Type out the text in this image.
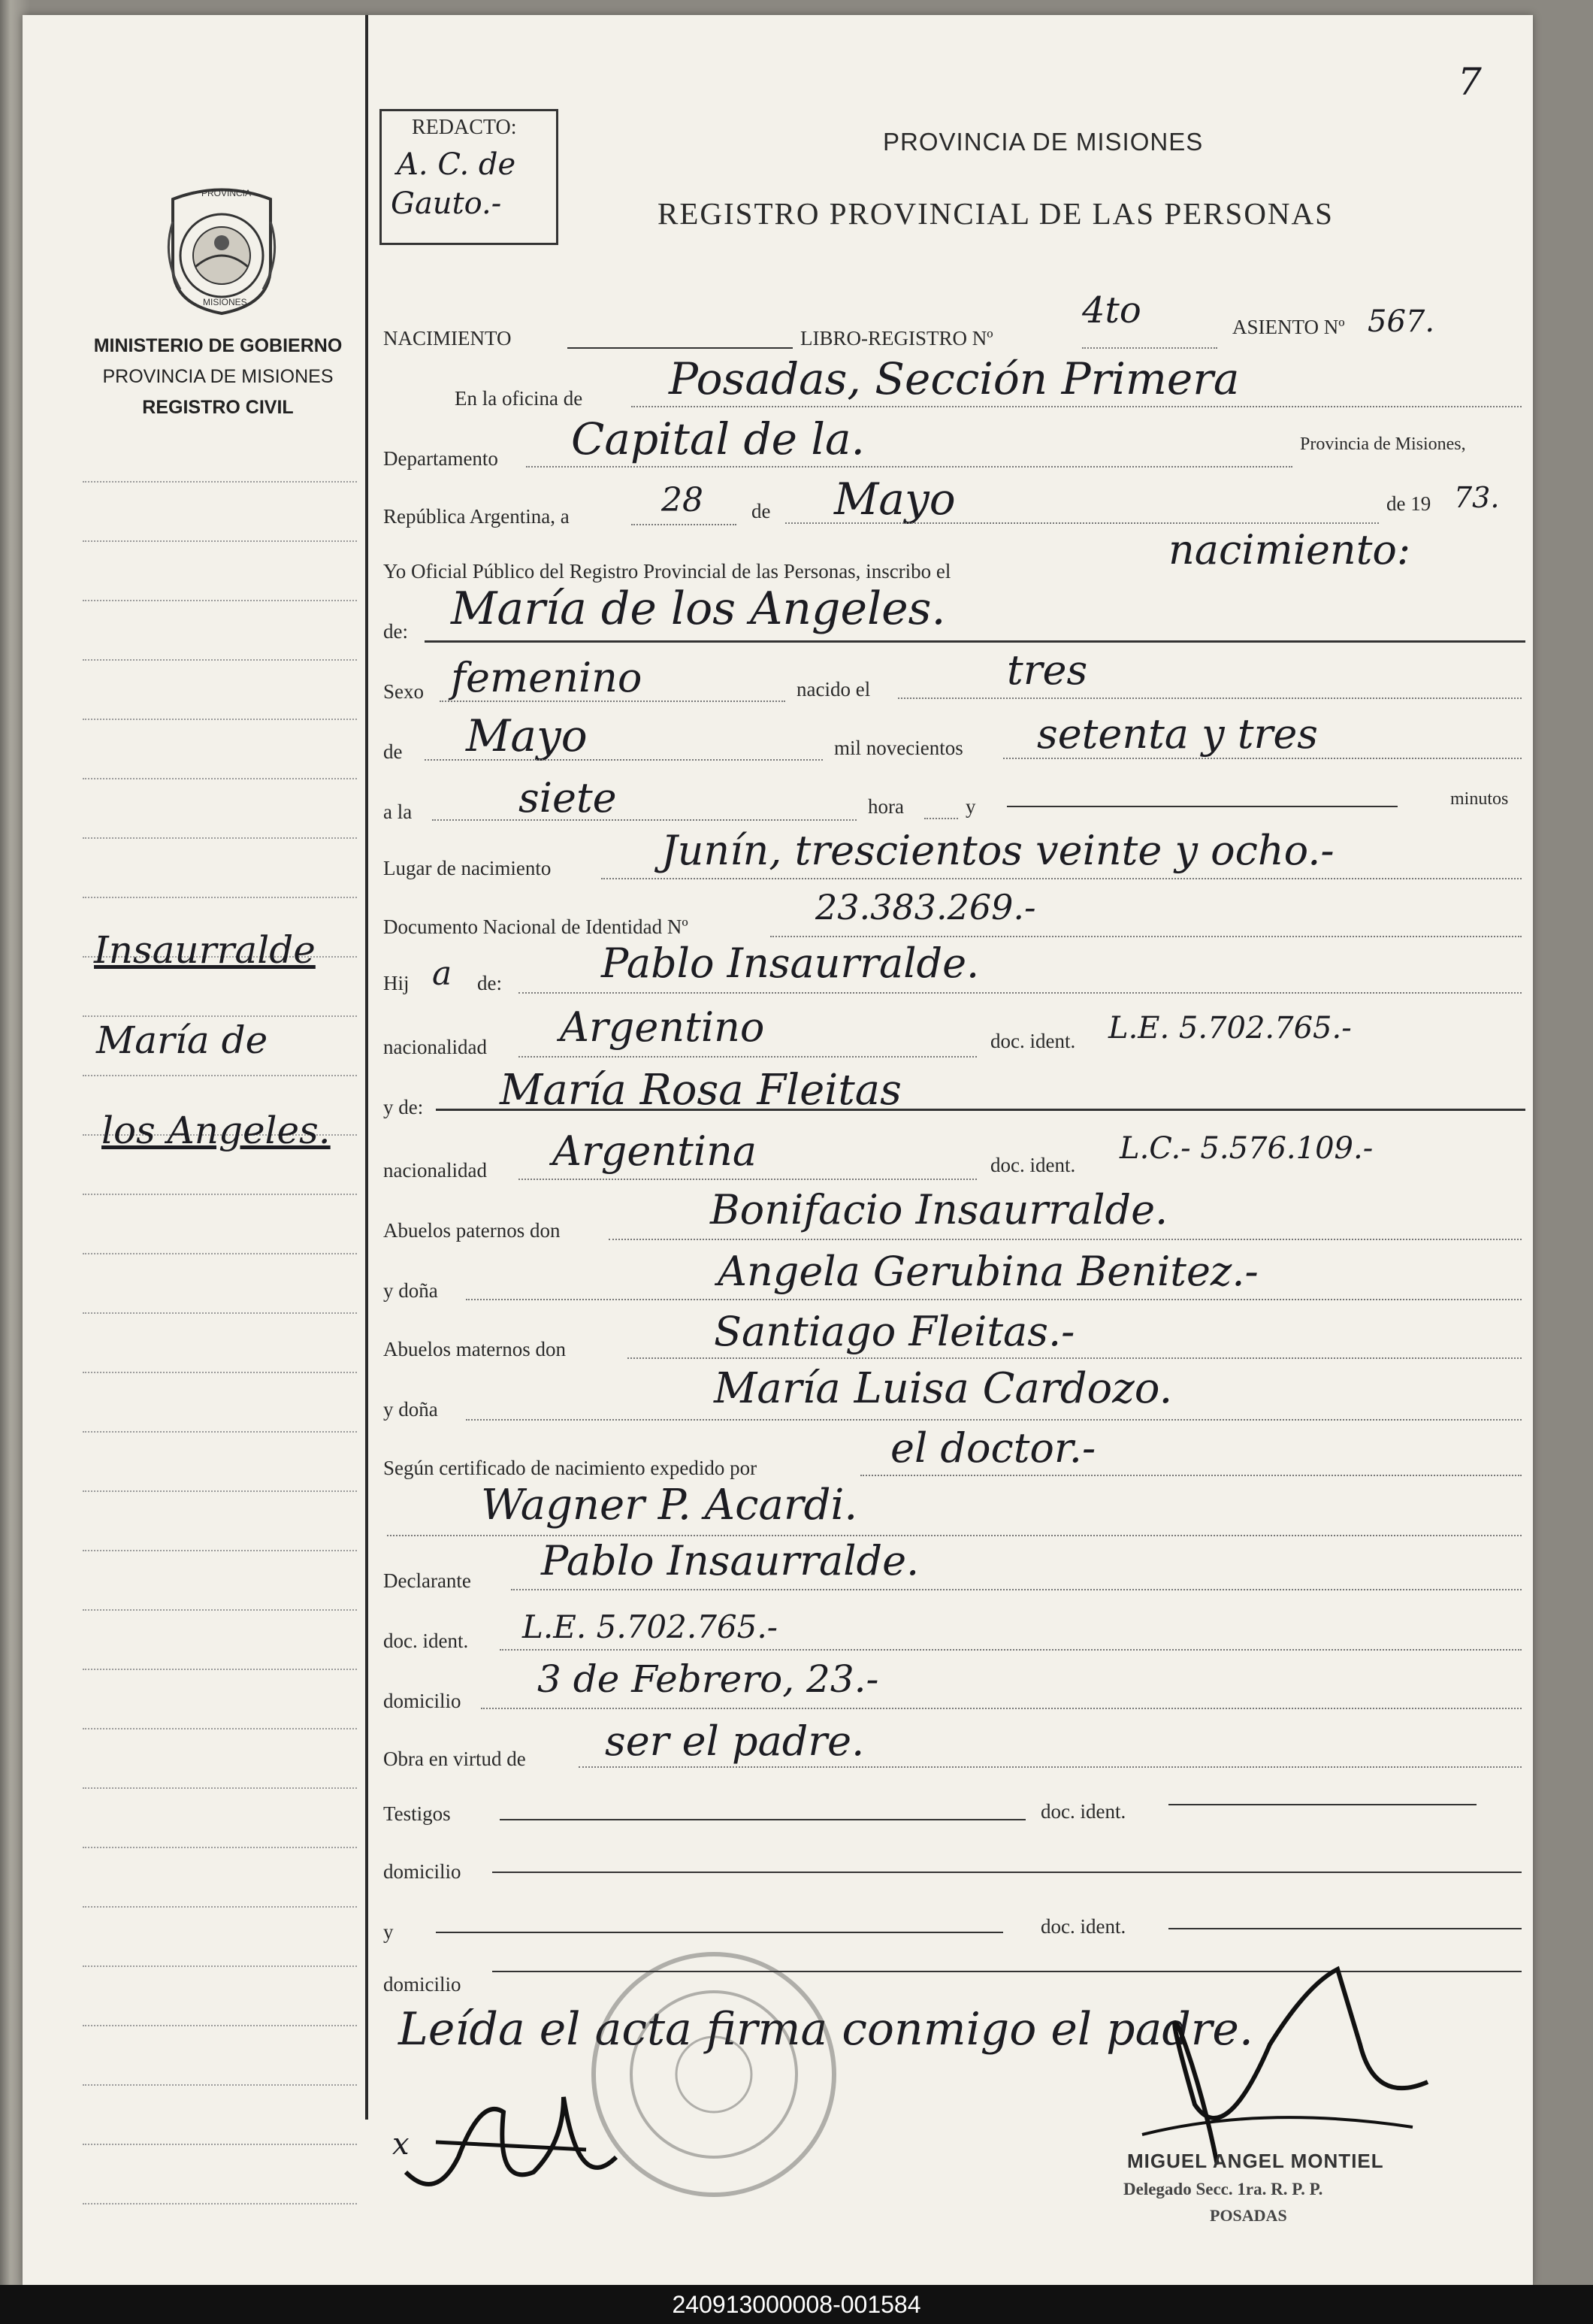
7
REDACTO:
A. C. de
Gauto.-
PROVINCIA DE MISIONES
REGISTRO PROVINCIAL DE LAS PERSONAS
PROVINCIA
MISIONES
MINISTERIO DE GOBIERNO
PROVINCIA DE MISIONES
REGISTRO CIVIL
Insaurralde
María de
los Angeles.
NACIMIENTO	LIBRO-REGISTRO Nº
4to	ASIENTO Nº 567.
En la oficina de Posadas, Sección Primera
Departamento Capital de la.	Provincia de Misiones,
República Argentina, a	28 de Mayo	de 19 73.
Yo Oficial Público del Registro Provincial de las Personas, inscribo el	nacimiento:
de: María de los Angeles.
Sexo femenino	nacido el	tres
de Mayo	mil novecientos setenta y tres
a la	siete	hora	y	minutos
Lugar de nacimiento	Junín, trescientos veinte y ocho.-
Documento Nacional de Identidad Nº	23.383.269.-
Hij a de: Pablo Insaurralde.
nacionalidad Argentino	doc. ident. L.E. 5.702.765.-
y de: María Rosa Fleitas
nacionalidad Argentina	doc. ident. L.C.- 5.576.109.-
Abuelos paternos don	Bonifacio Insaurralde.
y doña	Angela Gerubina Benitez.-
Abuelos maternos don	Santiago Fleitas.-
y doña	María Luisa Cardozo.
Según certificado de nacimiento expedido por	el doctor.-
Wagner P. Acardi.
Declarante Pablo Insaurralde.
doc. ident. L.E. 5.702.765.-
domicilio 3 de Febrero, 23.-
Obra en virtud de ser el padre.
Testigos	doc. ident.
domicilio
y	doc. ident.
domicilio
Leída el acta firma conmigo el padre.
x	MIGUEL ANGEL MONTIEL
Delegado Secc. 1ra. R. P. P.
POSADAS
240913000008-001584
